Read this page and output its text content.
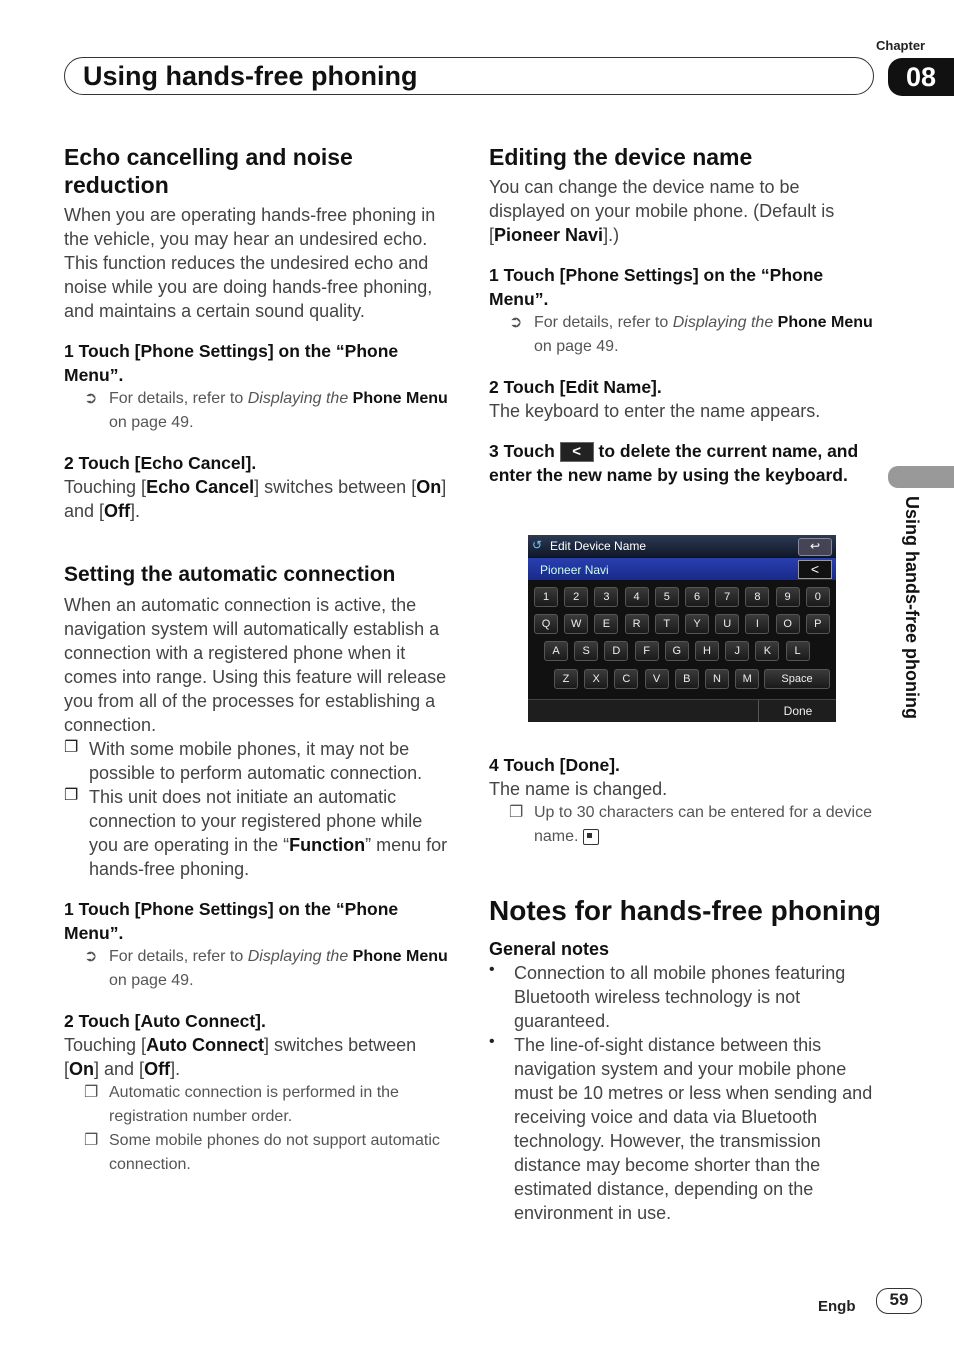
Chapter
Using hands-free phoning	08
Using hands-free phoning
Echo cancelling and noise reduction

When you are operating hands-free phoning in the vehicle, you may hear an undesired echo. This function reduces the undesired echo and noise while you are doing hands-free phoning, and maintains a certain sound quality.

1 Touch [Phone Settings] on the “Phone Menu”.

➲ For details, refer to Displaying the Phone Menu on page 49.

2 Touch [Echo Cancel].

Touching [Echo Cancel] switches between [On] and [Off].

Setting the automatic connection

When an automatic connection is active, the navigation system will automatically establish a connection with a registered phone when it comes into range. Using this feature will release you from all of the processes for establishing a connection.

❐ With some mobile phones, it may not be possible to perform automatic connection.

❐ This unit does not initiate an automatic connection to your registered phone while you are operating in the “Function” menu for hands-free phoning.

1 Touch [Phone Settings] on the “Phone Menu”.

➲ For details, refer to Displaying the Phone Menu on page 49.

2 Touch [Auto Connect].

Touching [Auto Connect] switches between [On] and [Off].

❐ Automatic connection is performed in the registration number order.
❐ Some mobile phones do not support automatic connection.
Editing the device name

You can change the device name to be displayed on your mobile phone. (Default is [Pioneer Navi].)

1 Touch [Phone Settings] on the “Phone Menu”.

➲ For details, refer to Displaying the Phone Menu on page 49.

2 Touch [Edit Name].

The keyboard to enter the name appears.

3 Touch < to delete the current name, and enter the new name by using the keyboard.

↺ Edit Device Name	↩
Pioneer Navi	<
1	2	3	4	5	6	7	8	9	0
Q	W	E	R	T	Y	U	I	O	P
A	S	D	F	G	H	J	K	L
Z	X	C	V	B	N	M	Space
Done

4 Touch [Done].

The name is changed.

❐ Up to 30 characters can be entered for a device name.
Notes for hands-free phoning
General notes
•	Connection to all mobile phones featuring Bluetooth wireless technology is not guaranteed.

•	The line-of-sight distance between this navigation system and your mobile phone must be 10 metres or less when sending and receiving voice and data via Bluetooth technology. However, the transmission distance may become shorter than the estimated distance, depending on the environment in use.

Engb	59
